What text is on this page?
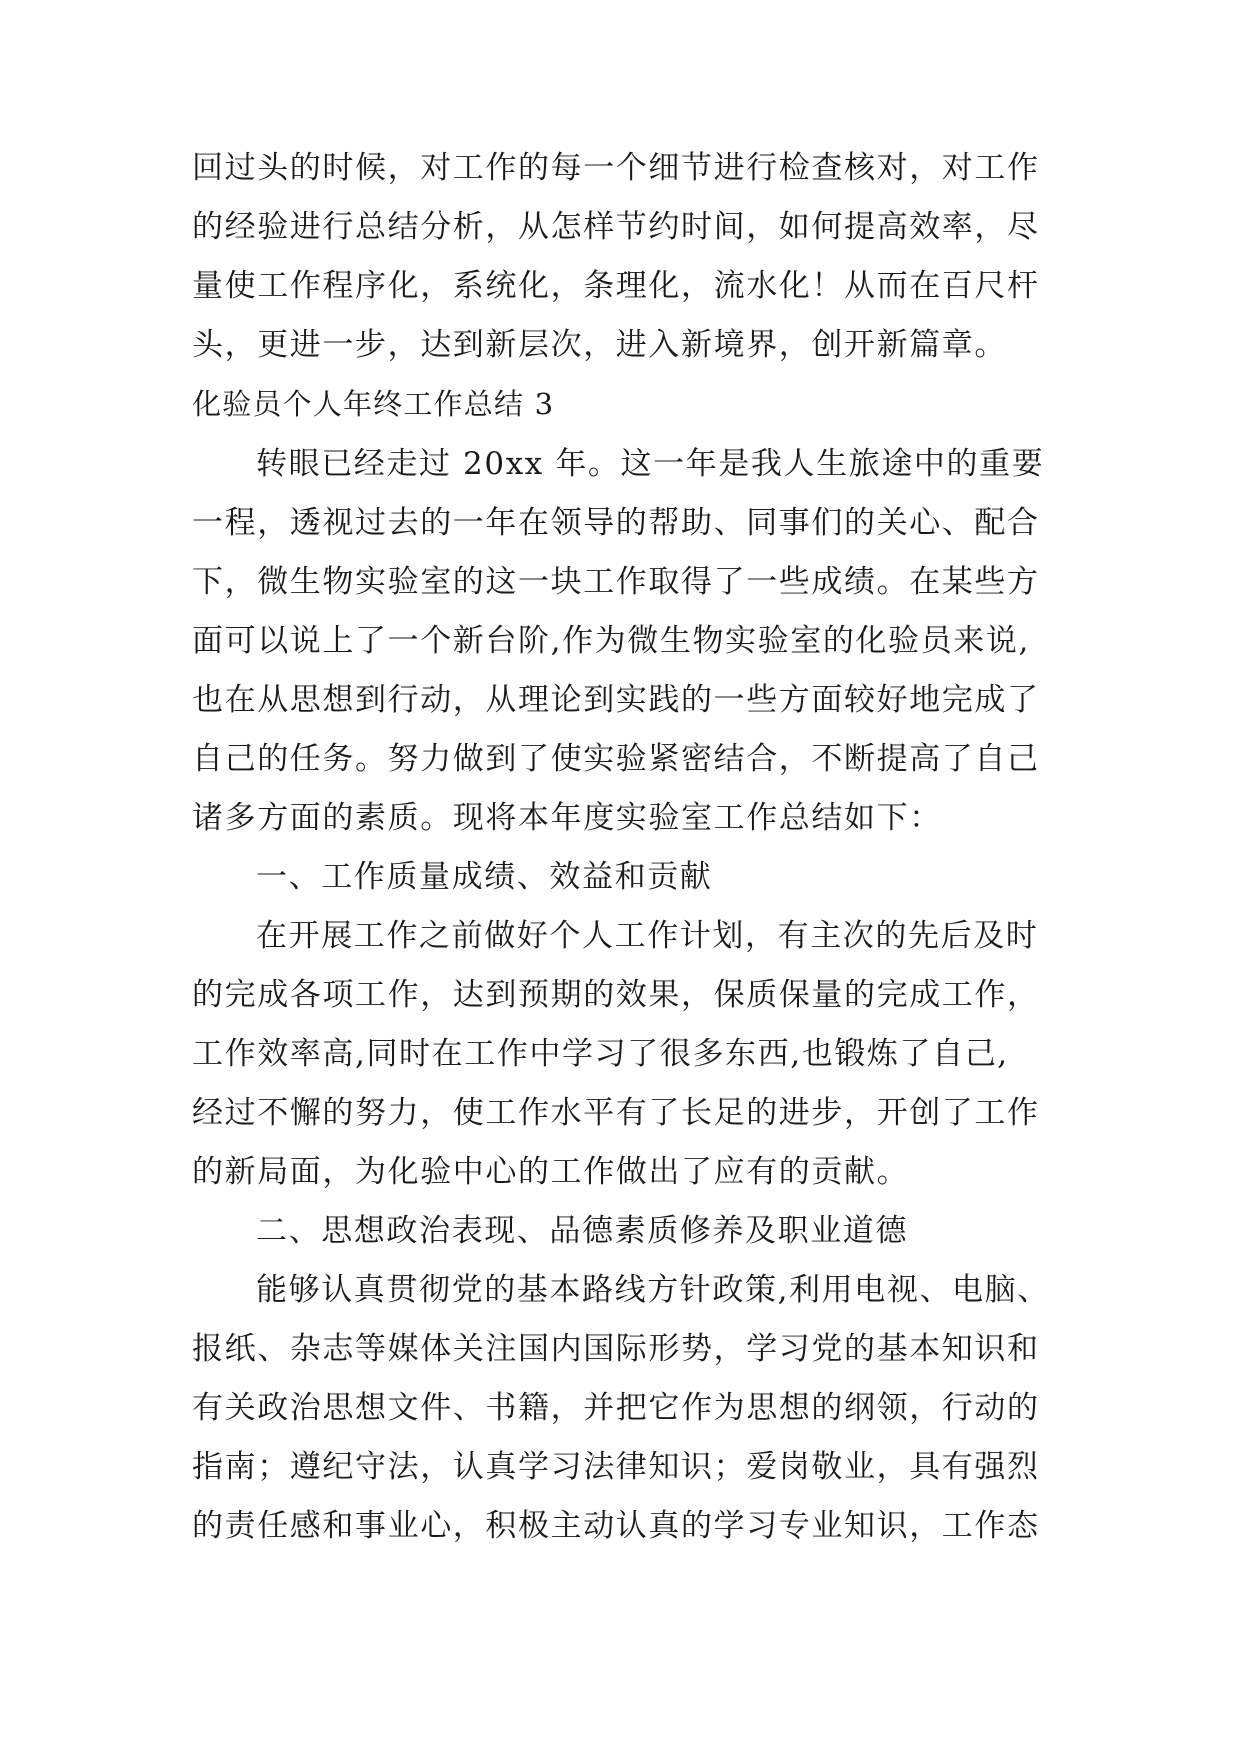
回过头的时候，对工作的每一个细节进行检查核对，对工作
的经验进行总结分析，从怎样节约时间，如何提高效率，尽
量使工作程序化，系统化，条理化，流水化！从而在百尺杆
头，更进一步，达到新层次，进入新境界，创开新篇章。
化验员个人年终工作总结 3
转眼已经走过 20xx 年。这一年是我人生旅途中的重要
一程，透视过去的一年在领导的帮助、同事们的关心、配合
下，微生物实验室的这一块工作取得了一些成绩。在某些方
面可以说上了一个新台阶,作为微生物实验室的化验员来说,
也在从思想到行动，从理论到实践的一些方面较好地完成了
自己的任务。努力做到了使实验紧密结合，不断提高了自己
诸多方面的素质。现将本年度实验室工作总结如下：
一、工作质量成绩、效益和贡献
在开展工作之前做好个人工作计划，有主次的先后及时
的完成各项工作，达到预期的效果，保质保量的完成工作，
工作效率高,同时在工作中学习了很多东西,也锻炼了自己,
经过不懈的努力，使工作水平有了长足的进步，开创了工作
的新局面，为化验中心的工作做出了应有的贡献。
二、思想政治表现、品德素质修养及职业道德
能够认真贯彻党的基本路线方针政策,利用电视、电脑、
报纸、杂志等媒体关注国内国际形势，学习党的基本知识和
有关政治思想文件、书籍，并把它作为思想的纲领，行动的
指南；遵纪守法，认真学习法律知识；爱岗敬业，具有强烈
的责任感和事业心，积极主动认真的学习专业知识，工作态
